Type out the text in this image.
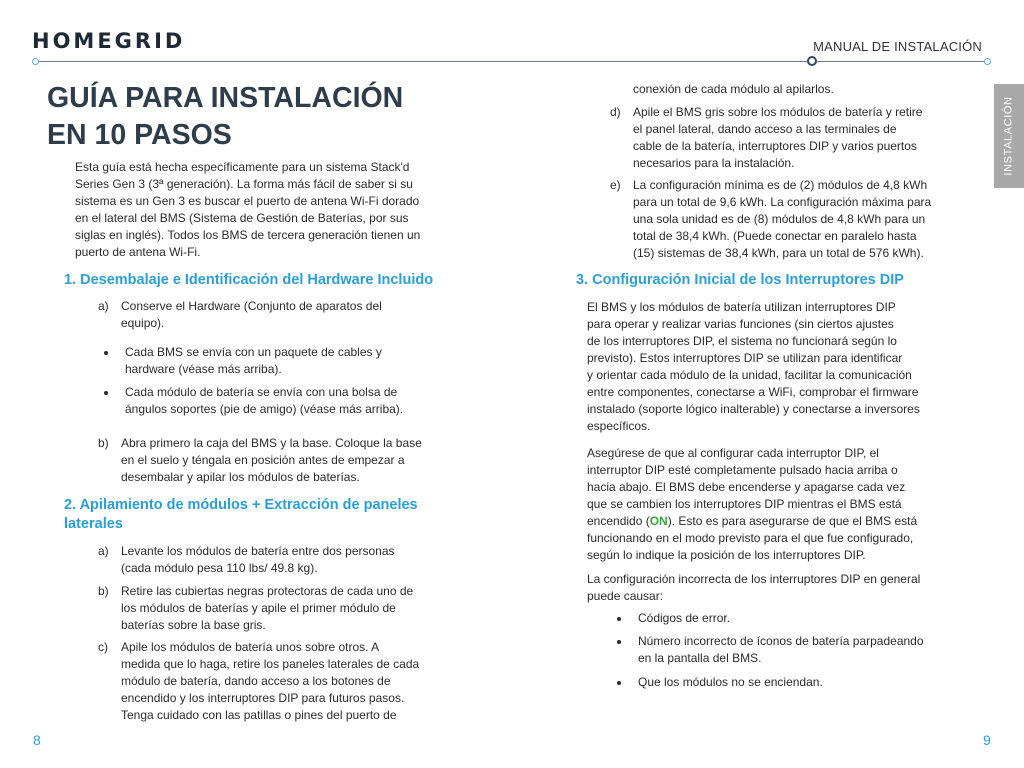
HOMEGRID	MANUAL DE INSTALACIÓN
INSTALACIÓN
GUÍA PARA INSTALACIÓN
EN 10 PASOS
Esta guía está hecha específicamente para un sistema Stack'd
Series Gen 3 (3ª generación). La forma más fácil de saber si su
sistema es un Gen 3 es buscar el puerto de antena Wi-Fi dorado
en el lateral del BMS (Sistema de Gestión de Baterías, por sus
siglas en inglés). Todos los BMS de tercera generación tienen un
puerto de antena Wi-Fi.
1. Desembalaje e Identificación del Hardware Incluido
a) Conserve el Hardware (Conjunto de aparatos del
equipo).
Cada BMS se envía con un paquete de cables y
hardware (véase más arriba).
Cada módulo de batería se envía con una bolsa de
ángulos soportes (pie de amigo) (véase más arriba).
b) Abra primero la caja del BMS y la base. Coloque la base
en el suelo y téngala en posición antes de empezar a
desembalar y apilar los módulos de baterías.
2. Apilamiento de módulos + Extracción de paneles
laterales
a) Levante los módulos de batería entre dos personas
(cada módulo pesa 110 lbs/ 49.8 kg).
b) Retire las cubiertas negras protectoras de cada uno de
los módulos de baterías y apile el primer módulo de
baterías sobre la base gris.
c) Apile los módulos de batería unos sobre otros. A
medida que lo haga, retire los paneles laterales de cada
módulo de batería, dando acceso a los botones de
encendido y los interruptores DIP para futuros pasos.
Tenga cuidado con las patillas o pines del puerto de
8
conexión de cada módulo al apilarlos.
d) Apile el BMS gris sobre los módulos de batería y retire
el panel lateral, dando acceso a las terminales de
cable de la batería, interruptores DIP y varios puertos
necesarios para la instalación.
e) La configuración mínima es de (2) módulos de 4,8 kWh
para un total de 9,6 kWh. La configuración máxima para
una sola unidad es de (8) módulos de 4,8 kWh para un
total de 38,4 kWh. (Puede conectar en paralelo hasta
(15) sistemas de 38,4 kWh, para un total de 576 kWh).
3. Configuración Inicial de los Interruptores DIP
El BMS y los módulos de batería utilizan interruptores DIP
para operar y realizar varias funciones (sin ciertos ajustes
de los interruptores DIP, el sistema no funcionará según lo
previsto). Estos interruptores DIP se utilizan para identificar
y orientar cada módulo de la unidad, facilitar la comunicación
entre componentes, conectarse a WiFi, comprobar el firmware
instalado (soporte lógico inalterable) y conectarse a inversores
específicos.
Asegúrese de que al configurar cada interruptor DIP, el
interruptor DIP esté completamente pulsado hacia arriba o
hacia abajo. El BMS debe encenderse y apagarse cada vez
que se cambien los interruptores DIP mientras el BMS está
encendido (ON). Esto es para asegurarse de que el BMS está
funcionando en el modo previsto para el que fue configurado,
según lo indique la posición de los interruptores DIP.
La configuración incorrecta de los interruptores DIP en general
puede causar:
Códigos de error.
Número incorrecto de íconos de batería parpadeando
en la pantalla del BMS.
Que los módulos no se enciendan.
9
